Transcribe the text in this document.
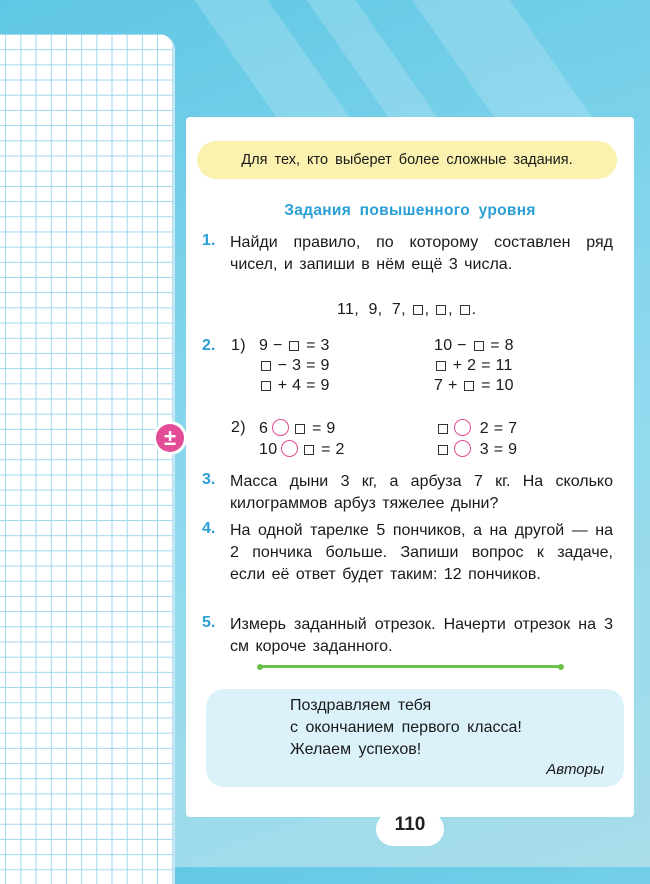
Для тех, кто выберет более сложные задания.
Задания повышенного уровня
1. Найди правило, по которому составлен ряд чисел, и запиши в нём ещё 3 числа.
11,  9,  7, , , .
2. 1) 9 −  = 3
− 3 = 9
+ 4 = 9
10 −  = 8
+ 2 = 11
7 +  = 10
2) 6 = 9
10 = 2
2 = 7
3 = 9
3. Масса дыни 3 кг, а арбуза 7 кг. На сколько килограммов арбуз тяжелее дыни?
4. На одной тарелке 5 пончиков, а на другой — на 2 пончика больше. Запиши вопрос к задаче, если её ответ будет таким: 12 пончиков.
5. Измерь заданный отрезок. Начерти отрезок на 3 см короче заданного.
Поздравляем тебя
с окончанием первого класса!
Желаем успехов!
Авторы
±
110
